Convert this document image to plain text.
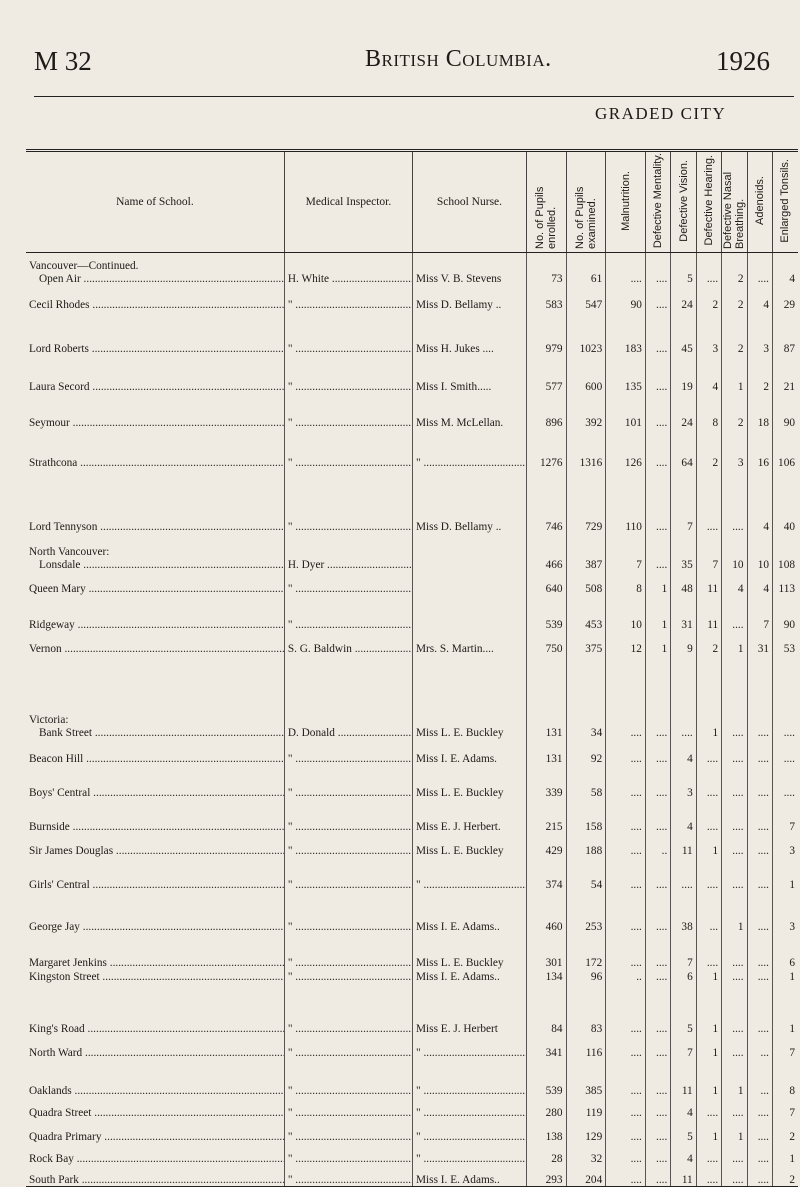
M 32	British Columbia.	1926
GRADED CITY
Name of School.	Medical Inspector.	School Nurse.	No. of Pupils enrolled.	No. of Pupils examined.	Malnutrition.	Defective Mentality.	Defective Vision.	Defective Hearing.	Defective Nasal Breathing.	Adenoids.	Enlarged Tonsils.

Vancouver—Continued.
Open Air .....	H. White .....	Miss V. B. Stevens	73	61	....	....	5	....	2	....	4
Cecil Rhodes .....	" .....	Miss D. Bellamy ..	583	547	90	....	24	2	2	4	29
Lord Roberts .....	" .....	Miss H. Jukes ....	979	1023	183	....	45	3	2	3	87
Laura Secord .....	" .....	Miss I. Smith.....	577	600	135	....	19	4	1	2	21
Seymour .....	" .....	Miss M. McLellan.	896	392	101	....	24	8	2	18	90
Strathcona .....	" .....	" .....	1276	1316	126	....	64	2	3	16	106
Lord Tennyson .....	" .....	Miss D. Bellamy ..	746	729	110	....	7	....	....	4	40

North Vancouver:
Lonsdale .....	H. Dyer .....		466	387	7	....	35	7	10	10	108
Queen Mary .....	" .....		640	508	8	1	48	11	4	4	113
Ridgeway .....	" .....		539	453	10	1	31	11	....	7	90
Vernon .....	S. G. Baldwin .....	Mrs. S. Martin....	750	375	12	1	9	2	1	31	53

Victoria:
Bank Street .....	D. Donald .....	Miss L. E. Buckley	131	34	....	....	....	1	....	....	....
Beacon Hill .....	" .....	Miss I. E. Adams.	131	92	....	....	4	....	....	....	....
Boys' Central .....	" .....	Miss L. E. Buckley	339	58	....	....	3	....	....	....	....
Burnside .....	" .....	Miss E. J. Herbert.	215	158	....	....	4	....	....	....	7
Sir James Douglas .....	" .....	Miss L. E. Buckley	429	188	....	..	11	1	....	....	3
Girls' Central .....	" .....	" .....	374	54	....	....	....	....	....	....	1
George Jay .....	" .....	Miss I. E. Adams..	460	253	....	....	38	...	1	....	3
Margaret Jenkins .....	" .....	Miss L. E. Buckley	301	172	....	....	7	....	....	....	6
Kingston Street .....	" .....	Miss I. E. Adams..	134	96	..	....	6	1	....	....	1
King's Road .....	" .....	Miss E. J. Herbert	84	83	....	....	5	1	....	....	1
North Ward .....	" .....	" .....	341	116	....	....	7	1	....	...	7
Oaklands .....	" .....	" .....	539	385	....	....	11	1	1	...	8
Quadra Street .....	" .....	" .....	280	119	....	....	4	....	....	....	7
Quadra Primary .....	" .....	" .....	138	129	....	....	5	1	1	....	2
Rock Bay .....	" .....	" .....	28	32	....	....	4	....	....	....	1
South Park .....	" .....	Miss I. E. Adams..	293	204	....	....	11	....	....	....	2
